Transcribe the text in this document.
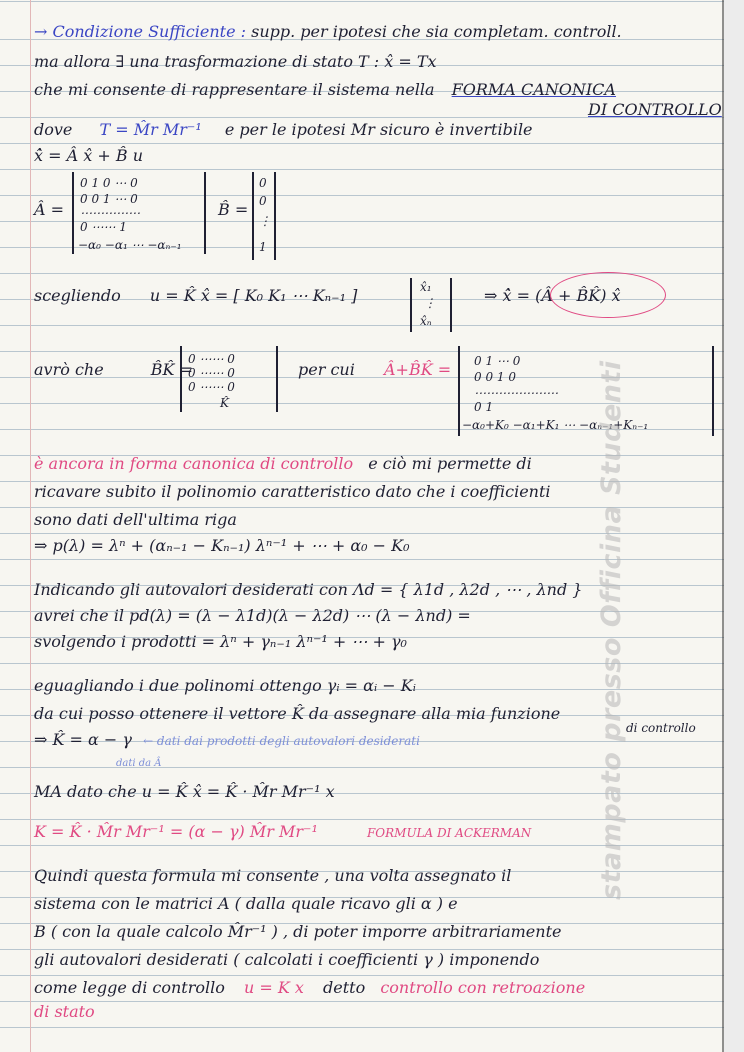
→ Condizione Sufficiente : supp. per ipotesi che sia completam. controll.
ma allora ∃ una trasformazione di stato T : x̂ = Tx
che mi consente di rappresentare il sistema nella FORMA CANONICA
DI CONTROLLO
dove T = M̂r Mr⁻¹ e per le ipotesi Mr sicuro è invertibile
ẋ̂ = Â x̂ + B̂ u
Â =
0 1 0 ⋯ 0
0 0 1 ⋯ 0
⋯⋯⋯⋯⋯
0 ⋯⋯ 1
−α₀ −α₁ ⋯ −αₙ₋₁
B̂ =
0
0
⋮
1
scegliendo u = K̂ x̂ = [ K₀ K₁ ⋯ Kₙ₋₁ ]	x̂₁
⋮
x̂ₙ
⇒ ẋ̂ = (Â + B̂K̂) x̂
avrò che	B̂K̂ =
0 ⋯⋯ 0
0 ⋯⋯ 0
0 ⋯⋯ 0
K̂
per cui Â+B̂K̂ = 0 1 ⋯ 0
0 0 1 0
⋯⋯⋯⋯⋯⋯⋯
0 1
−α₀+K₀ −α₁+K₁ ⋯ −αₙ₋₁+Kₙ₋₁
è ancora in forma canonica di controllo e ciò mi permette di
ricavare subito il polinomio caratteristico dato che i coefficienti
sono dati dell'ultima riga
⇒ p(λ) = λⁿ + (αₙ₋₁ − Kₙ₋₁) λⁿ⁻¹ + ⋯ + α₀ − K₀
Indicando gli autovalori desiderati con Λd = { λ1d , λ2d , ⋯ , λnd }
avrei che il pd(λ) = (λ − λ1d)(λ − λ2d) ⋯ (λ − λnd) =
svolgendo i prodotti = λⁿ + γₙ₋₁ λⁿ⁻¹ + ⋯ + γ₀
eguagliando i due polinomi ottengo γᵢ = αᵢ − Kᵢ
da cui posso ottenere il vettore K̂ da assegnare alla mia funzione
di controllo
⇒ K̂ = α − γ ← dati dai prodotti degli autovalori desiderati
dati da Â
MA dato che u = K̂ x̂ = K̂ · M̂r Mr⁻¹ x
K = K̂ · M̂r Mr⁻¹ = (α − γ) M̂r Mr⁻¹	FORMULA DI ACKERMAN
Quindi questa formula mi consente , una volta assegnato il
sistema con le matrici A ( dalla quale ricavo gli α ) e
B ( con la quale calcolo M̂r⁻¹ ) , di poter imporre arbitrariamente
gli autovalori desiderati ( calcolati i coefficienti γ ) imponendo
come legge di controllo u = K x detto controllo con retroazione
di stato
stampato presso Officina Studenti
